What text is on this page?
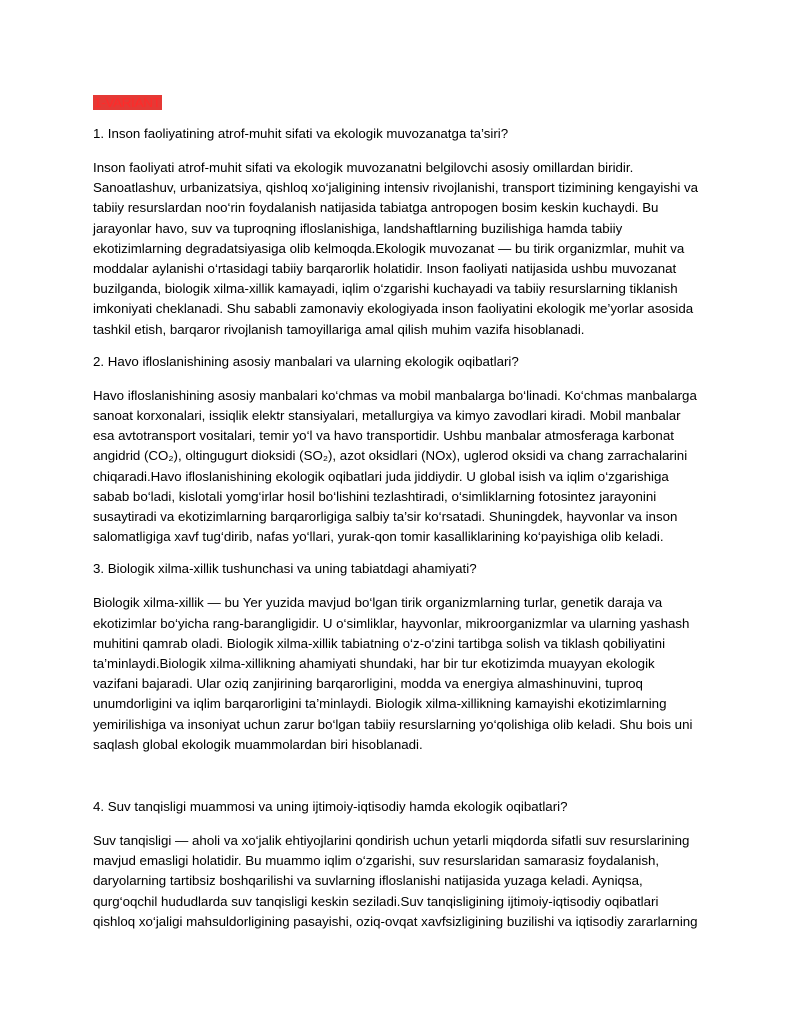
1-VARIANT

1. Inson faoliyatining atrof-muhit sifati va ekologik muvozanatga ta’siri?

Inson faoliyati atrof-muhit sifati va ekologik muvozanatni belgilovchi asosiy omillardan biridir. Sanoatlashuv, urbanizatsiya, qishloq xo‘jaligining intensiv rivojlanishi, transport tizimining kengayishi va tabiiy resurslardan noo‘rin foydalanish natijasida tabiatga antropogen bosim keskin kuchaydi. Bu jarayonlar havo, suv va tuproqning ifloslanishiga, landshaftlarning buzilishiga hamda tabiiy ekotizimlarning degradatsiyasiga olib kelmoqda.Ekologik muvozanat — bu tirik organizmlar, muhit va moddalar aylanishi o‘rtasidagi tabiiy barqarorlik holatidir. Inson faoliyati natijasida ushbu muvozanat buzilganda, biologik xilma-xillik kamayadi, iqlim o‘zgarishi kuchayadi va tabiiy resurslarning tiklanish imkoniyati cheklanadi. Shu sababli zamonaviy ekologiyada inson faoliyatini ekologik me’yorlar asosida tashkil etish, barqaror rivojlanish tamoyillariga amal qilish muhim vazifa hisoblanadi.

2. Havo ifloslanishining asosiy manbalari va ularning ekologik oqibatlari?

Havo ifloslanishining asosiy manbalari ko‘chmas va mobil manbalarga bo‘linadi. Ko‘chmas manbalarga sanoat korxonalari, issiqlik elektr stansiyalari, metallurgiya va kimyo zavodlari kiradi. Mobil manbalar esa avtotransport vositalari, temir yo‘l va havo transportidir. Ushbu manbalar atmosferaga karbonat angidrid (CO₂), oltingugurt dioksidi (SO₂), azot oksidlari (NOx), uglerod oksidi va chang zarrachalarini chiqaradi.Havo ifloslanishining ekologik oqibatlari juda jiddiydir. U global isish va iqlim o‘zgarishiga sabab bo‘ladi, kislotali yomg‘irlar hosil bo‘lishini tezlashtiradi, o‘simliklarning fotosintez jarayonini susaytiradi va ekotizimlarning barqarorligiga salbiy ta’sir ko‘rsatadi. Shuningdek, hayvonlar va inson salomatligiga xavf tug‘dirib, nafas yo‘llari, yurak-qon tomir kasalliklarining ko‘payishiga olib keladi.

3. Biologik xilma-xillik tushunchasi va uning tabiatdagi ahamiyati?

Biologik xilma-xillik — bu Yer yuzida mavjud bo‘lgan tirik organizmlarning turlar, genetik daraja va ekotizimlar bo‘yicha rang-barangligidir. U o‘simliklar, hayvonlar, mikroorganizmlar va ularning yashash muhitini qamrab oladi. Biologik xilma-xillik tabiatning o‘z-o‘zini tartibga solish va tiklash qobiliyatini ta’minlaydi.Biologik xilma-xillikning ahamiyati shundaki, har bir tur ekotizimda muayyan ekologik vazifani bajaradi. Ular oziq zanjirining barqarorligini, modda va energiya almashinuvini, tuproq unumdorligini va iqlim barqarorligini ta’minlaydi. Biologik xilma-xillikning kamayishi ekotizimlarning yemirilishiga va insoniyat uchun zarur bo‘lgan tabiiy resurslarning yo‘qolishiga olib keladi. Shu bois uni saqlash global ekologik muammolardan biri hisoblanadi.

4. Suv tanqisligi muammosi va uning ijtimoiy-iqtisodiy hamda ekologik oqibatlari?

Suv tanqisligi — aholi va xo‘jalik ehtiyojlarini qondirish uchun yetarli miqdorda sifatli suv resurslarining mavjud emasligi holatidir. Bu muammo iqlim o‘zgarishi, suv resurslaridan samarasiz foydalanish, daryolarning tartibsiz boshqarilishi va suvlarning ifloslanishi natijasida yuzaga keladi. Ayniqsa, qurg‘oqchil hududlarda suv tanqisligi keskin seziladi.Suv tanqisligining ijtimoiy-iqtisodiy oqibatlari qishloq xo‘jaligi mahsuldorligining pasayishi, oziq-ovqat xavfsizligining buzilishi va iqtisodiy zararlarning
